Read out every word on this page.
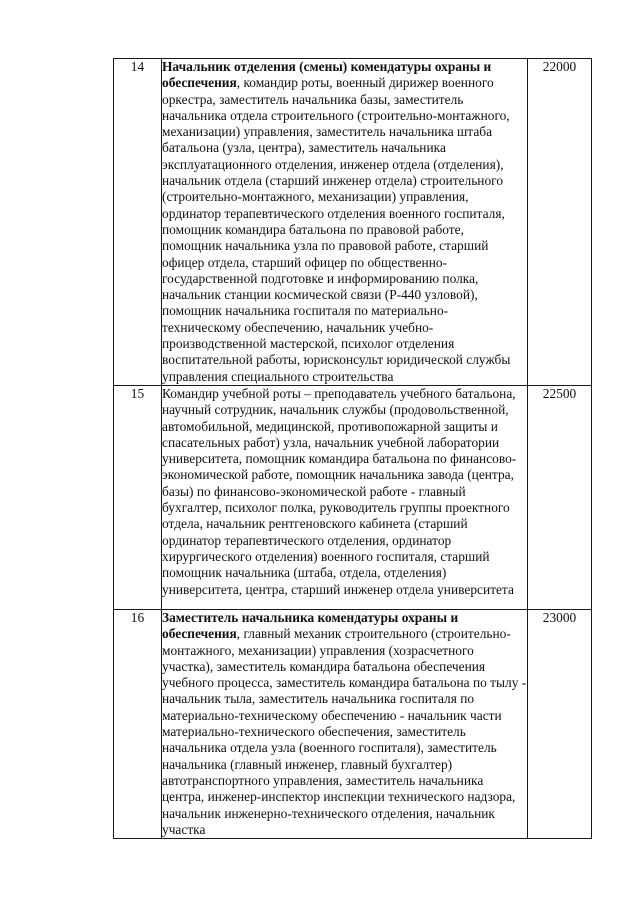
14	Начальник отделения (смены) комендатуры охраны и обеспечения, командир роты, военный дирижер военного оркестра, заместитель начальника базы, заместитель начальника отдела строительного (строительно-монтажного, механизации) управления, заместитель начальника штаба батальона (узла, центра), заместитель начальника эксплуатационного отделения, инженер отдела (отделения), начальник отдела (старший инженер отдела) строительного (строительно-монтажного, механизации) управления, ординатор терапевтического отделения военного госпиталя, помощник командира батальона по правовой работе, помощник начальника узла по правовой работе, старший офицер отдела, старший офицер по общественно-государственной подготовке и информированию полка, начальник станции космической связи (Р-440 узловой), помощник начальника госпиталя по материально-техническому обеспечению, начальник учебно-производственной мастерской, психолог отделения воспитательной работы, юрисконсульт юридической службы управления специального строительства	22000
15	Командир учебной роты – преподаватель учебного батальона, научный сотрудник, начальник службы (продовольственной, автомобильной, медицинской, противопожарной защиты и спасательных работ) узла, начальник учебной лаборатории университета, помощник командира батальона по финансово-экономической работе, помощник начальника завода (центра, базы) по финансово-экономической работе - главный бухгалтер, психолог полка, руководитель группы проектного отдела, начальник рентгеновского кабинета (старший ординатор терапевтического отделения, ординатор хирургического отделения) военного госпиталя, старший помощник начальника (штаба, отдела, отделения) университета, центра, старший инженер отдела университета	22500
16	Заместитель начальника комендатуры охраны и обеспечения, главный механик строительного (строительно-монтажного, механизации) управления (хозрасчетного участка), заместитель командира батальона обеспечения учебного процесса, заместитель командира батальона по тылу - начальник тыла, заместитель начальника госпиталя по материально-техническому обеспечению - начальник части материально-технического обеспечения, заместитель начальника отдела узла (военного госпиталя), заместитель начальника (главный инженер, главный бухгалтер) автотранспортного управления, заместитель начальника центра, инженер-инспектор инспекции технического надзора, начальник инженерно-технического отделения, начальник участка	23000
